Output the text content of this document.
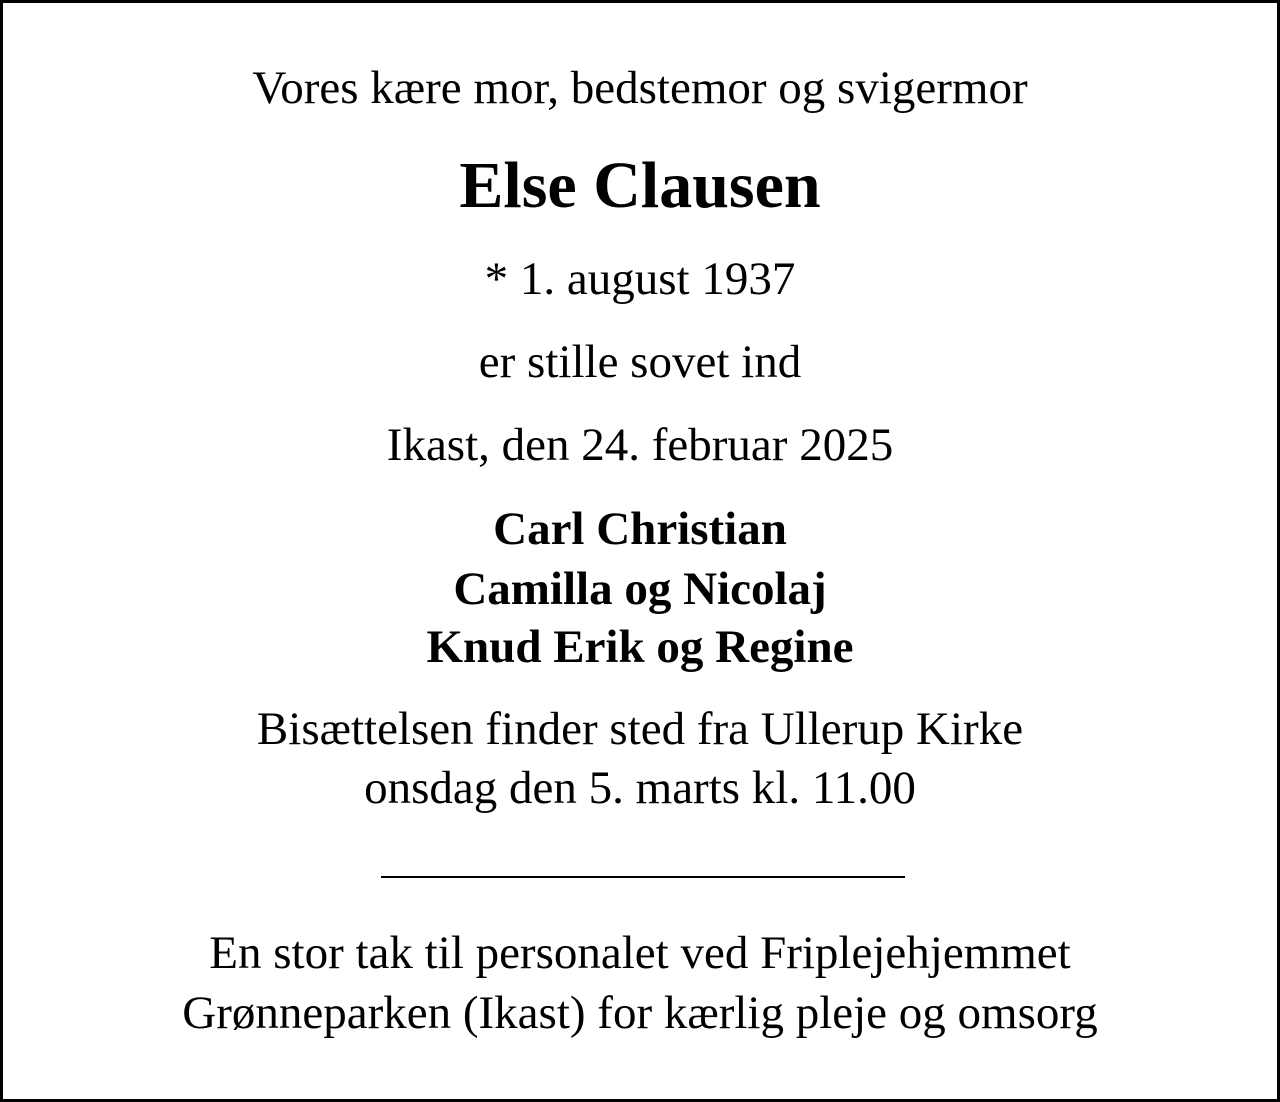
Vores kære mor, bedstemor og svigermor
Else Clausen
* 1. august 1937
er stille sovet ind
Ikast, den 24. februar 2025
Carl Christian
Camilla og Nicolaj
Knud Erik og Regine
Bisættelsen finder sted fra Ullerup Kirke
onsdag den 5. marts kl. 11.00
En stor tak til personalet ved Friplejehjemmet
Grønneparken (Ikast) for kærlig pleje og omsorg
